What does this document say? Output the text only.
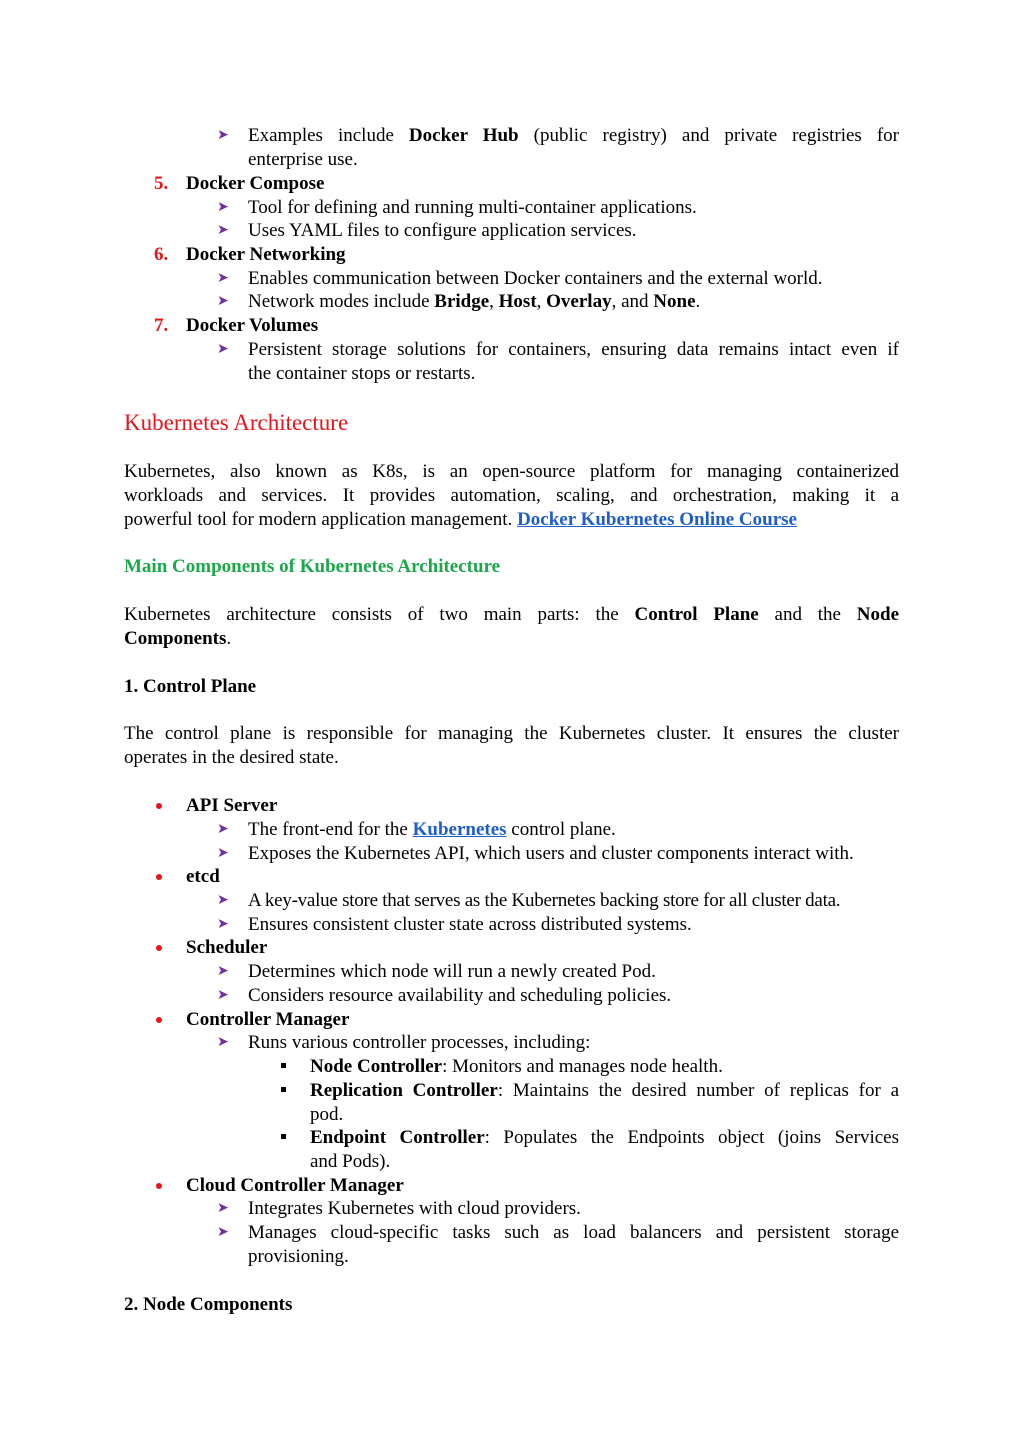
➤ Examples include Docker Hub (public registry) and private registries for
enterprise use.
5. Docker Compose
➤ Tool for defining and running multi-container applications.
➤ Uses YAML files to configure application services.
6. Docker Networking
➤ Enables communication between Docker containers and the external world.
➤ Network modes include Bridge, Host, Overlay, and None.
7. Docker Volumes
➤ Persistent storage solutions for containers, ensuring data remains intact even if
the container stops or restarts.
Kubernetes Architecture
Kubernetes, also known as K8s, is an open-source platform for managing containerized
workloads and services. It provides automation, scaling, and orchestration, making it a
powerful tool for modern application management. Docker Kubernetes Online Course
Main Components of Kubernetes Architecture
Kubernetes architecture consists of two main parts: the Control Plane and the Node
Components.
1. Control Plane
The control plane is responsible for managing the Kubernetes cluster. It ensures the cluster
operates in the desired state.
API Server
➤ The front-end for the Kubernetes control plane.
➤ Exposes the Kubernetes API, which users and cluster components interact with.
etcd
➤ A key-value store that serves as the Kubernetes backing store for all cluster data.
➤ Ensures consistent cluster state across distributed systems.
Scheduler
➤ Determines which node will run a newly created Pod.
➤ Considers resource availability and scheduling policies.
Controller Manager
➤ Runs various controller processes, including:
Node Controller: Monitors and manages node health.
Replication Controller: Maintains the desired number of replicas for a
pod.
Endpoint Controller: Populates the Endpoints object (joins Services
and Pods).
Cloud Controller Manager
➤ Integrates Kubernetes with cloud providers.
➤ Manages cloud-specific tasks such as load balancers and persistent storage
provisioning.
2. Node Components
